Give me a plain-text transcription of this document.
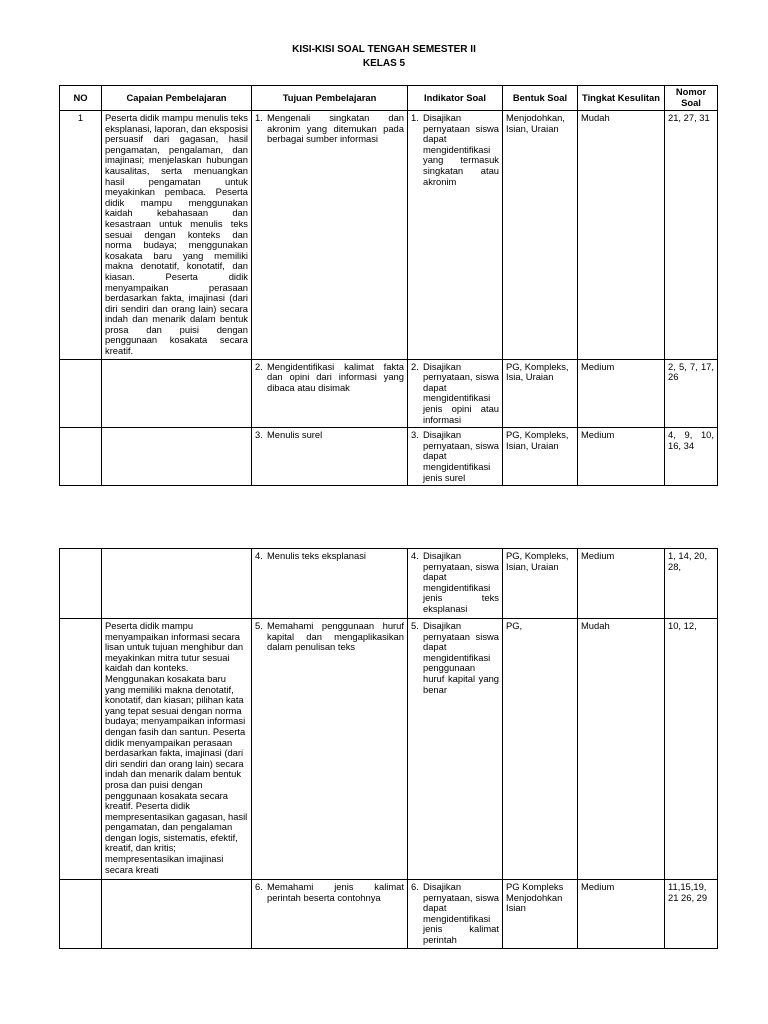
KISI-KISI SOAL TENGAH SEMESTER II
KELAS 5
NO	Capaian Pembelajaran	Tujuan Pembelajaran	Indikator Soal	Bentuk Soal	Tingkat Kesulitan	Nomor Soal
1	Peserta didik mampu menulis teks eksplanasi, laporan, dan eksposisi persuasif dari gagasan, hasil pengamatan, pengalaman, dan imajinasi; menjelaskan hubungan kausalitas, serta menuangkan hasil pengamatan untuk meyakinkan pembaca. Peserta didik mampu menggunakan kaidah kebahasaan dan kesastraan untuk menulis teks sesuai dengan konteks dan norma budaya; menggunakan kosakata baru yang memiliki makna denotatif, konotatif, dan kiasan. Peserta didik menyampaikan perasaan berdasarkan fakta, imajinasi (dari diri sendiri dan orang lain) secara indah dan menarik dalam bentuk prosa dan puisi dengan penggunaan kosakata secara kreatif.	1. Mengenali singkatan dan akronim yang ditemukan pada berbagai sumber informasi	1. Disajikan pernyataan siswa dapat mengidentifikasi yang termasuk singkatan atau akronim	Menjodohkan, Isian, Uraian	Mudah	21, 27, 31

		2. Mengidentifikasi kalimat fakta dan opini dari informasi yang dibaca atau disimak	2. Disajikan pernyataan, siswa dapat mengidentifikasi jenis opini atau informasi	PG, Kompleks, Isia, Uraian	Medium	2, 5, 7, 17, 26

		3. Menulis surel	3. Disajikan pernyataan, siswa dapat mengidentifikasi jenis surel	PG, Kompleks, Isian, Uraian	Medium	4, 9, 10, 16, 34

		4. Menulis teks eksplanasi	4. Disajikan pernyataan, siswa dapat mengidentifikasi jenis teks eksplanasi	PG, Kompleks, Isian, Uraian	Medium	1, 14, 20, 28,
	Peserta didik mampu menyampaikan informasi secara lisan untuk tujuan menghibur dan meyakinkan mitra tutur sesuai kaidah dan konteks. Menggunakan kosakata baru yang memiliki makna denotatif, konotatif, dan kiasan; pilihan kata yang tepat sesuai dengan norma budaya; menyampaikan informasi dengan fasih dan santun. Peserta didik menyampaikan perasaan berdasarkan fakta, imajinasi (dari diri sendiri dan orang lain) secara indah dan menarik dalam bentuk prosa dan puisi dengan penggunaan kosakata secara kreatif. Peserta didik mempresentasikan gagasan, hasil pengamatan, dan pengalaman dengan logis, sistematis, efektif, kreatif, dan kritis; mempresentasikan imajinasi secara kreati	5. Memahami penggunaan huruf kapital dan mengaplikasikan dalam penulisan teks	5. Disajikan pernyataan siswa dapat mengidentifikasi penggunaan huruf kapital yang benar	PG,	Mudah	10, 12,

		6. Memahami jenis kalimat perintah beserta contohnya	6. Disajikan pernyataan, siswa dapat mengidentifikasi jenis kalimat perintah	PG Kompleks Menjodohkan Isian	Medium	11,15,19, 21 26, 29
